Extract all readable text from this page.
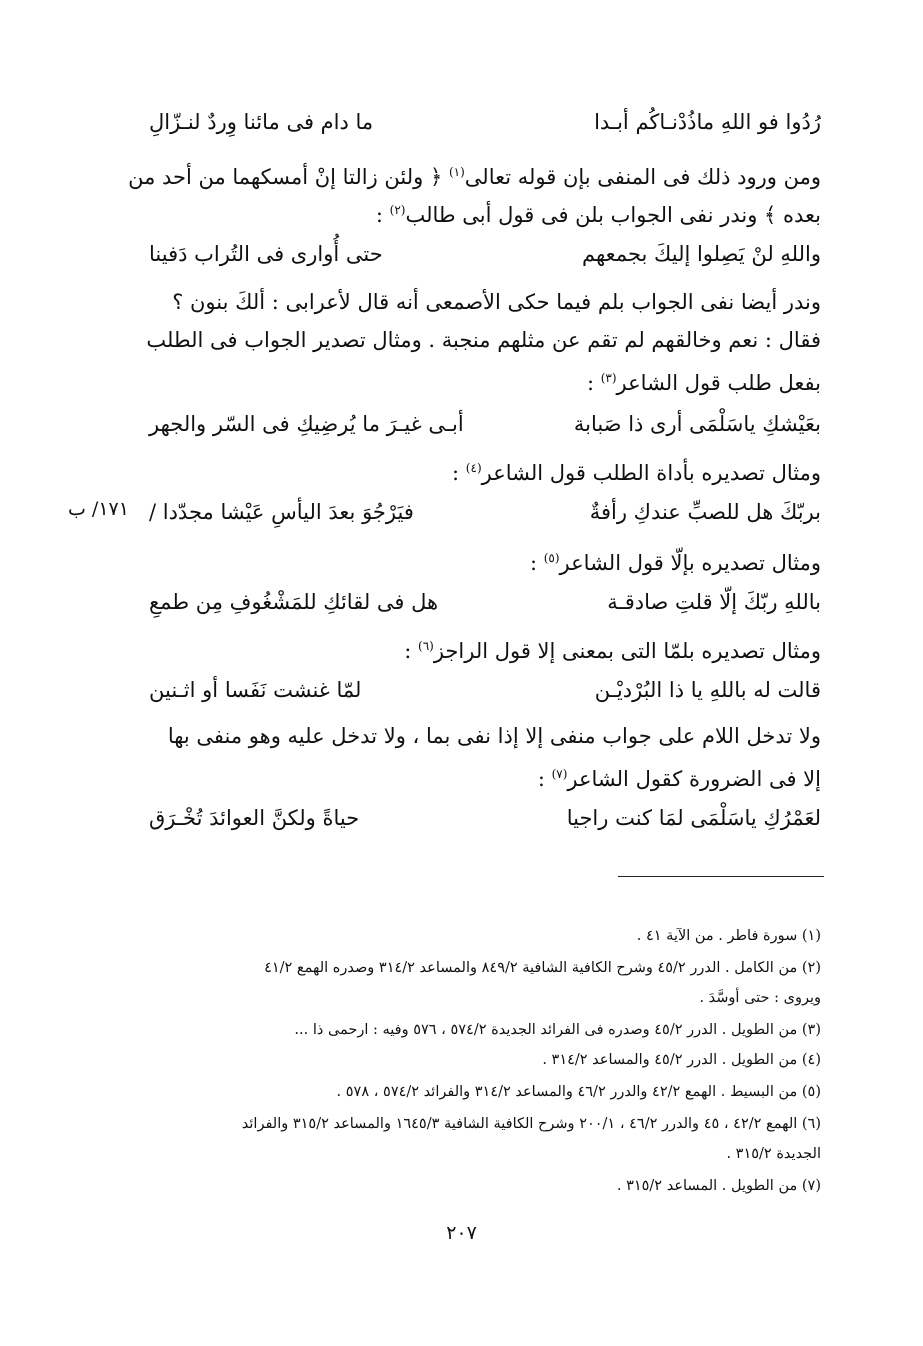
رُدُوا فو اللهِ ماذُدْنـاكُم أبـدا
ما دام فى مائنا وِردٌ لنـزّالِ
ومن ورود ذلك فى المنفى بإن قوله تعالى$^{(١)}$ ﴿ ولئن زالتا إنْ أمسكهما من أحد من
بعده ﴾ وندر نفى الجواب بلن فى قول أبى طالب$^{(٢)}$ :
واللهِ لنْ يَصِلوا إليكَ بجمعهم
حتى أُوارى فى التُراب دَفينا
وندر أيضا نفى الجواب بلم فيما حكى الأصمعى أنه قال لأعرابى : ألكَ بنون ؟
فقال : نعم وخالقهم لم تقم عن مثلهم منجبة . ومثال تصدير الجواب فى الطلب
بفعل طلب قول الشاعر$^{(٣)}$ :
بعَيْشكِ ياسَلْمَى أرى ذا صَبابة
أبـى غيـرَ ما يُرضِيكِ فى السّر والجهر
ومثال تصديره بأداة الطلب قول الشاعر$^{(٤)}$ :
بربّكَ هل للصبِّ عندكِ رأفةٌ
فيَرْجُوَ بعدَ اليأسِ عَيْشا مجدّدا /
١٧١/ ب
ومثال تصديره بإلّا قول الشاعر$^{(٥)}$ :
باللهِ ربّكَ إلّا قلتِ صادقـة
هل فى لقائكِ للمَشْغُوفِ مِن طمعِ
ومثال تصديره بلمّا التى بمعنى إلا قول الراجز$^{(٦)}$ :
قالت له باللهِ يا ذا البُرْديْـن
لمّا غنشت نَفَسا أو اثـنين
ولا تدخل اللام على جواب منفى إلا إذا نفى بما ، ولا تدخل عليه وهو منفى بها
إلا فى الضرورة كقول الشاعر$^{(٧)}$ :
لعَمْرُكِ ياسَلْمَى لمَا كنت راجيا
حياةً ولكنَّ العوائدَ تُخْـرَق
(١) سورة فاطر . من الآية ٤١ .
(٢) من الكامل . الدرر ٤٥/٢ وشرح الكافية الشافية ٨٤٩/٢ والمساعد ٣١٤/٢ وصدره الهمع ٤١/٢
ويروى : حتى أوسَّدَ .
(٣) من الطويل . الدرر ٤٥/٢ وصدره فى الفرائد الجديدة ٥٧٤/٢ ، ٥٧٦ وفيه : ارحمى ذا ...
(٤) من الطويل . الدرر ٤٥/٢ والمساعد ٣١٤/٢ .
(٥) من البسيط . الهمع ٤٢/٢ والدرر ٤٦/٢ والمساعد ٣١٤/٢ والفرائد ٥٧٤/٢ ، ٥٧٨ .
(٦) الهمع ٤٢/٢ ، ٤٥ والدرر ٤٦/٢ ، ٢٠٠/١ وشرح الكافية الشافية ١٦٤٥/٣ والمساعد ٣١٥/٢ والفرائد
الجديدة ٣١٥/٢ .
(٧) من الطويل . المساعد ٣١٥/٢ .
٢٠٧
